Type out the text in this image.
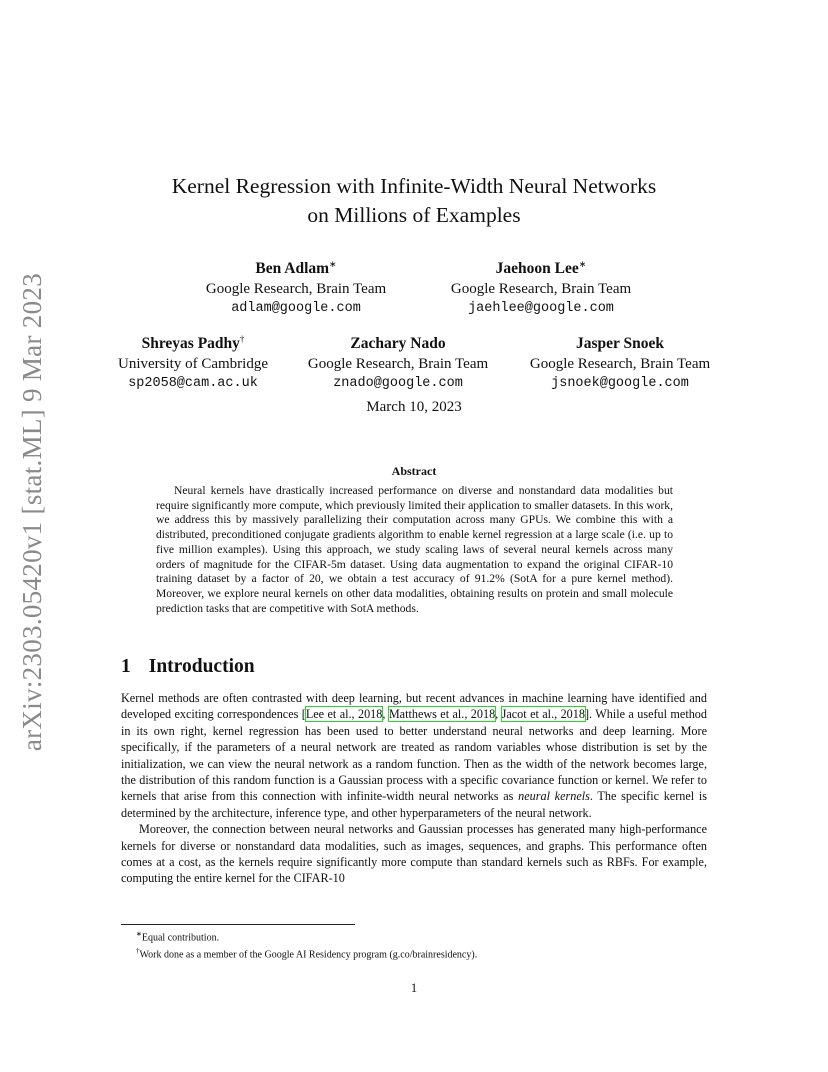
arXiv:2303.05420v1 [stat.ML] 9 Mar 2023
Kernel Regression with Infinite-Width Neural Networks
on Millions of Examples
Ben Adlam∗
Google Research, Brain Team
adlam@google.com
Jaehoon Lee∗
Google Research, Brain Team
jaehlee@google.com
Shreyas Padhy†
University of Cambridge
sp2058@cam.ac.uk
Zachary Nado
Google Research, Brain Team
znado@google.com
Jasper Snoek
Google Research, Brain Team
jsnoek@google.com
March 10, 2023
Abstract
Neural kernels have drastically increased performance on diverse and nonstandard data modalities but require significantly more compute, which previously limited their application to smaller datasets. In this work, we address this by massively parallelizing their computation across many GPUs. We combine this with a distributed, preconditioned conjugate gradients algorithm to enable kernel regression at a large scale (i.e. up to five million examples). Using this approach, we study scaling laws of several neural kernels across many orders of magnitude for the CIFAR-5m dataset. Using data augmentation to expand the original CIFAR-10 training dataset by a factor of 20, we obtain a test accuracy of 91.2% (SotA for a pure kernel method). Moreover, we explore neural kernels on other data modalities, obtaining results on protein and small molecule prediction tasks that are competitive with SotA methods.
1 Introduction

Kernel methods are often contrasted with deep learning, but recent advances in machine learning have identified and developed exciting correspondences [Lee et al., 2018, Matthews et al., 2018, Jacot et al., 2018]. While a useful method in its own right, kernel regression has been used to better understand neural networks and deep learning. More specifically, if the parameters of a neural network are treated as random variables whose distribution is set by the initialization, we can view the neural network as a random function. Then as the width of the network becomes large, the distribution of this random function is a Gaussian process with a specific covariance function or kernel. We refer to kernels that arise from this connection with infinite-width neural networks as neural kernels. The specific kernel is determined by the architecture, inference type, and other hyperparameters of the neural network.

Moreover, the connection between neural networks and Gaussian processes has generated many high-performance kernels for diverse or nonstandard data modalities, such as images, sequences, and graphs. This performance often comes at a cost, as the kernels require significantly more compute than standard kernels such as RBFs. For example, computing the entire kernel for the CIFAR-10

∗Equal contribution.
†Work done as a member of the Google AI Residency program (g.co/brainresidency).
1
